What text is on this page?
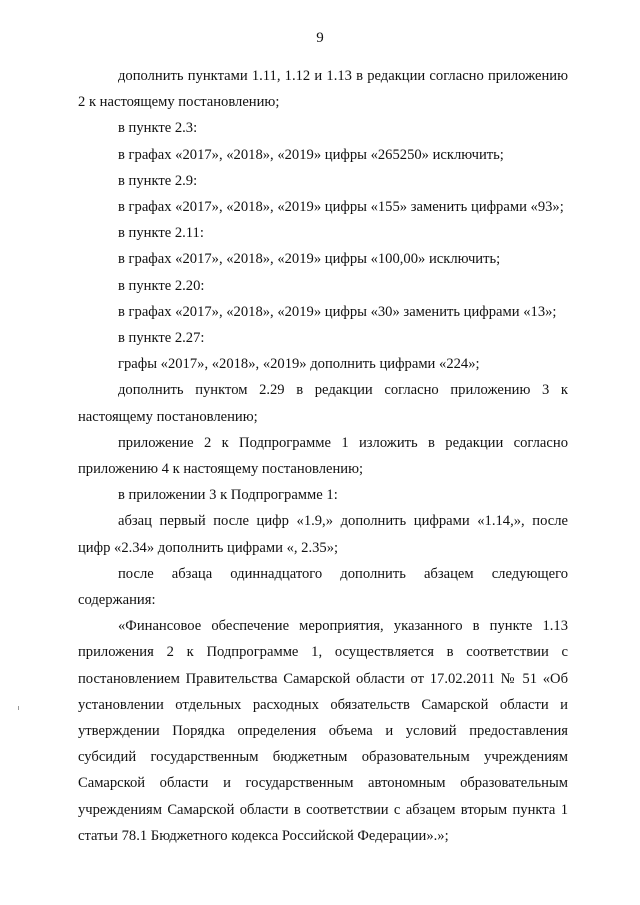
9

дополнить пунктами 1.11, 1.12 и 1.13 в редакции согласно приложению 2 к настоящему постановлению;

в пункте 2.3:

в графах «2017», «2018», «2019» цифры «265250» исключить;

в пункте 2.9:

в графах «2017», «2018», «2019» цифры «155» заменить цифрами «93»;

в пункте 2.11:

в графах «2017», «2018», «2019» цифры «100,00» исключить;

в пункте 2.20:

в графах «2017», «2018», «2019» цифры «30» заменить цифрами «13»;

в пункте 2.27:

графы «2017», «2018», «2019» дополнить цифрами «224»;

дополнить пунктом 2.29 в редакции согласно приложению 3 к настоящему постановлению;

приложение 2 к Подпрограмме 1 изложить в редакции согласно приложению 4 к настоящему постановлению;

в приложении 3 к Подпрограмме 1:

абзац первый после цифр «1.9,» дополнить цифрами «1.14,», после цифр «2.34» дополнить цифрами «, 2.35»;

после абзаца одиннадцатого дополнить абзацем следующего содержания:

«Финансовое обеспечение мероприятия, указанного в пункте 1.13 приложения 2 к Подпрограмме 1, осуществляется в соответствии с постановлением Правительства Самарской области от 17.02.2011 № 51 «Об установлении отдельных расходных обязательств Самарской области и утверждении Порядка определения объема и условий предоставления субсидий государственным бюджетным образовательным учреждениям Самарской области и государственным автономным образовательным учреждениям Самарской области в соответствии с абзацем вторым пункта 1 статьи 78.1 Бюджетного кодекса Российской Федерации».»;
